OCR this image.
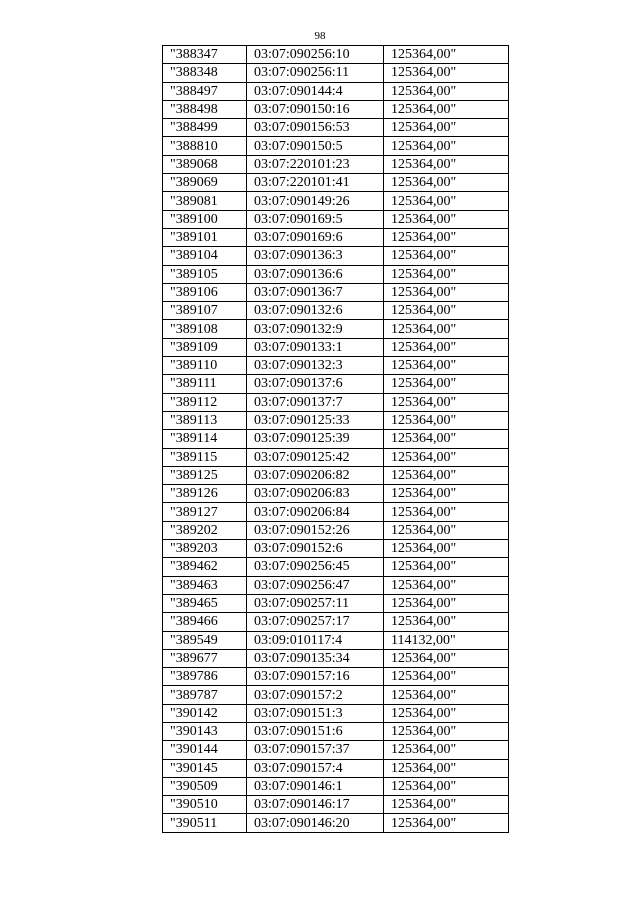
98
"388347	03:07:090256:10	125364,00"
"388348	03:07:090256:11	125364,00"
"388497	03:07:090144:4	125364,00"
"388498	03:07:090150:16	125364,00"
"388499	03:07:090156:53	125364,00"
"388810	03:07:090150:5	125364,00"
"389068	03:07:220101:23	125364,00"
"389069	03:07:220101:41	125364,00"
"389081	03:07:090149:26	125364,00"
"389100	03:07:090169:5	125364,00"
"389101	03:07:090169:6	125364,00"
"389104	03:07:090136:3	125364,00"
"389105	03:07:090136:6	125364,00"
"389106	03:07:090136:7	125364,00"
"389107	03:07:090132:6	125364,00"
"389108	03:07:090132:9	125364,00"
"389109	03:07:090133:1	125364,00"
"389110	03:07:090132:3	125364,00"
"389111	03:07:090137:6	125364,00"
"389112	03:07:090137:7	125364,00"
"389113	03:07:090125:33	125364,00"
"389114	03:07:090125:39	125364,00"
"389115	03:07:090125:42	125364,00"
"389125	03:07:090206:82	125364,00"
"389126	03:07:090206:83	125364,00"
"389127	03:07:090206:84	125364,00"
"389202	03:07:090152:26	125364,00"
"389203	03:07:090152:6	125364,00"
"389462	03:07:090256:45	125364,00"
"389463	03:07:090256:47	125364,00"
"389465	03:07:090257:11	125364,00"
"389466	03:07:090257:17	125364,00"
"389549	03:09:010117:4	114132,00"
"389677	03:07:090135:34	125364,00"
"389786	03:07:090157:16	125364,00"
"389787	03:07:090157:2	125364,00"
"390142	03:07:090151:3	125364,00"
"390143	03:07:090151:6	125364,00"
"390144	03:07:090157:37	125364,00"
"390145	03:07:090157:4	125364,00"
"390509	03:07:090146:1	125364,00"
"390510	03:07:090146:17	125364,00"
"390511	03:07:090146:20	125364,00"
